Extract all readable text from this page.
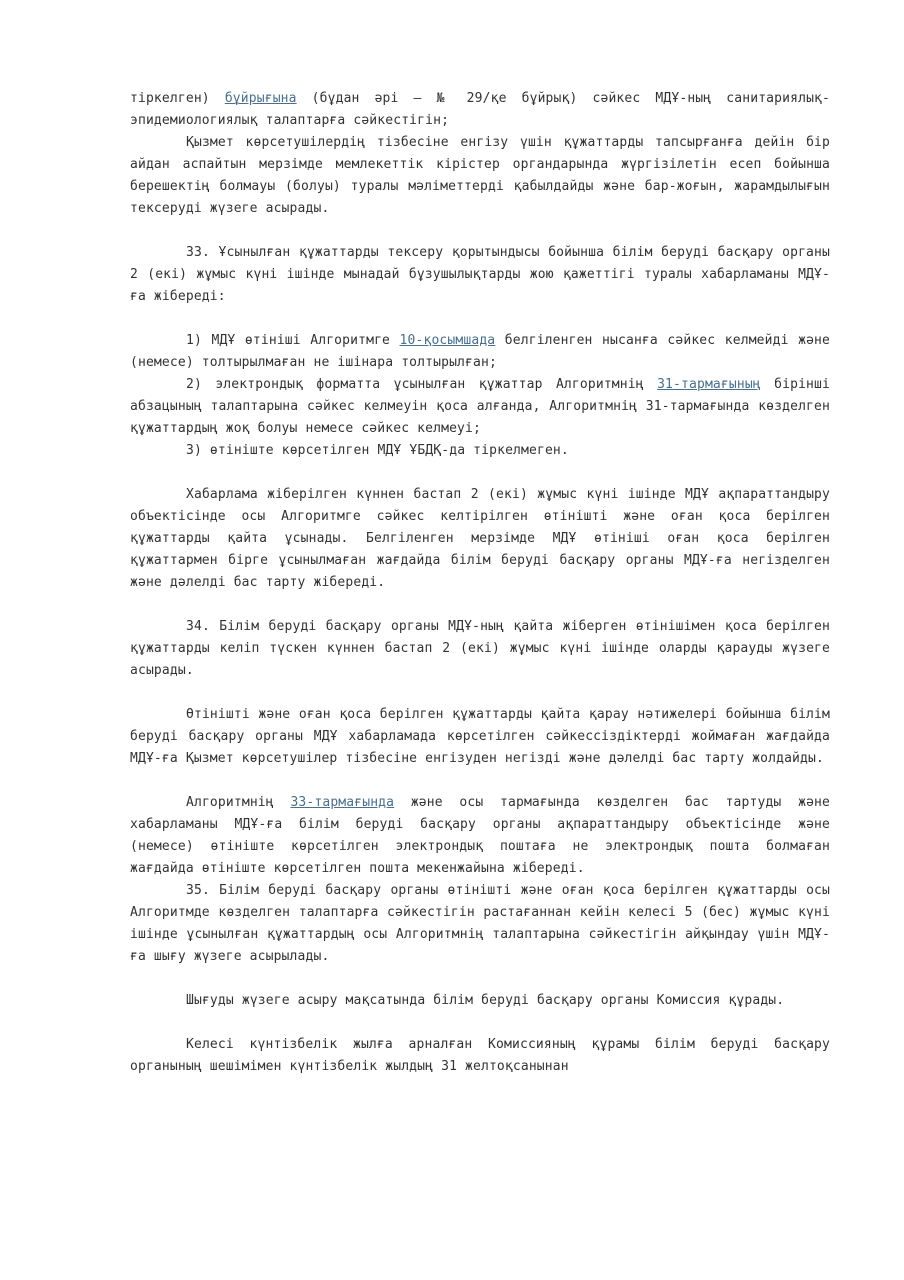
тіркелген) бұйрығына (бұдан әрі – № 29/қе бұйрық) сәйкес МДҰ-ның санитариялық-эпидемиологиялық талаптарға сәйкестігін;

Қызмет көрсетушілердің тізбесіне енгізу үшін құжаттарды тапсырғанға дейін бір айдан аспайтын мерзімде мемлекеттік кірістер органдарында жүргізілетін есеп бойынша берешектің болмауы (болуы) туралы мәліметтерді қабылдайды және бар-жоғын, жарамдылығын тексеруді жүзеге асырады.

33. Ұсынылған құжаттарды тексеру қорытындысы бойынша білім беруді басқару органы 2 (екі) жұмыс күні ішінде мынадай бұзушылықтарды жою қажеттігі туралы хабарламаны МДҰ-ға жібереді:

1) МДҰ өтініші Алгоритмге 10-қосымшада белгіленген нысанға сәйкес келмейді және (немесе) толтырылмаған не ішінара толтырылған;

2) электрондық форматта ұсынылған құжаттар Алгоритмнің 31-тармағының бірінші абзацының талаптарына сәйкес келмеуін қоса алғанда, Алгоритмнің 31-тармағында көзделген құжаттардың жоқ болуы немесе сәйкес келмеуі;

3) өтініште көрсетілген МДҰ ҰБДҚ-да тіркелмеген.

Хабарлама жіберілген күннен бастап 2 (екі) жұмыс күні ішінде МДҰ ақпараттандыру объектісінде осы Алгоритмге сәйкес келтірілген өтінішті және оған қоса берілген құжаттарды қайта ұсынады. Белгіленген мерзімде МДҰ өтініші оған қоса берілген құжаттармен бірге ұсынылмаған жағдайда білім беруді басқару органы МДҰ-ға негізделген және дәлелді бас тарту жібереді.

34. Білім беруді басқару органы МДҰ-ның қайта жіберген өтінішімен қоса берілген құжаттарды келіп түскен күннен бастап 2 (екі) жұмыс күні ішінде оларды қарауды жүзеге асырады.

Өтінішті және оған қоса берілген құжаттарды қайта қарау нәтижелері бойынша білім беруді басқару органы МДҰ хабарламада көрсетілген сәйкессіздіктерді жоймаған жағдайда МДҰ-ға Қызмет көрсетушілер тізбесіне енгізуден негізді және дәлелді бас тарту жолдайды.

Алгоритмнің 33-тармағында және осы тармағында көзделген бас тартуды және хабарламаны МДҰ-ға білім беруді басқару органы ақпараттандыру объектісінде және (немесе) өтініште көрсетілген электрондық поштаға не электрондық пошта болмаған жағдайда өтініште көрсетілген пошта мекенжайына жібереді.

35. Білім беруді басқару органы өтінішті және оған қоса берілген құжаттарды осы Алгоритмде көзделген талаптарға сәйкестігін растағаннан кейін келесі 5 (бес) жұмыс күні ішінде ұсынылған құжаттардың осы Алгоритмнің талаптарына сәйкестігін айқындау үшін МДҰ-ға шығу жүзеге асырылады.

Шығуды жүзеге асыру мақсатында білім беруді басқару органы Комиссия құрады.

Келесі күнтізбелік жылға арналған Комиссияның құрамы білім беруді басқару органының шешімімен күнтізбелік жылдың 31 желтоқсанынан
